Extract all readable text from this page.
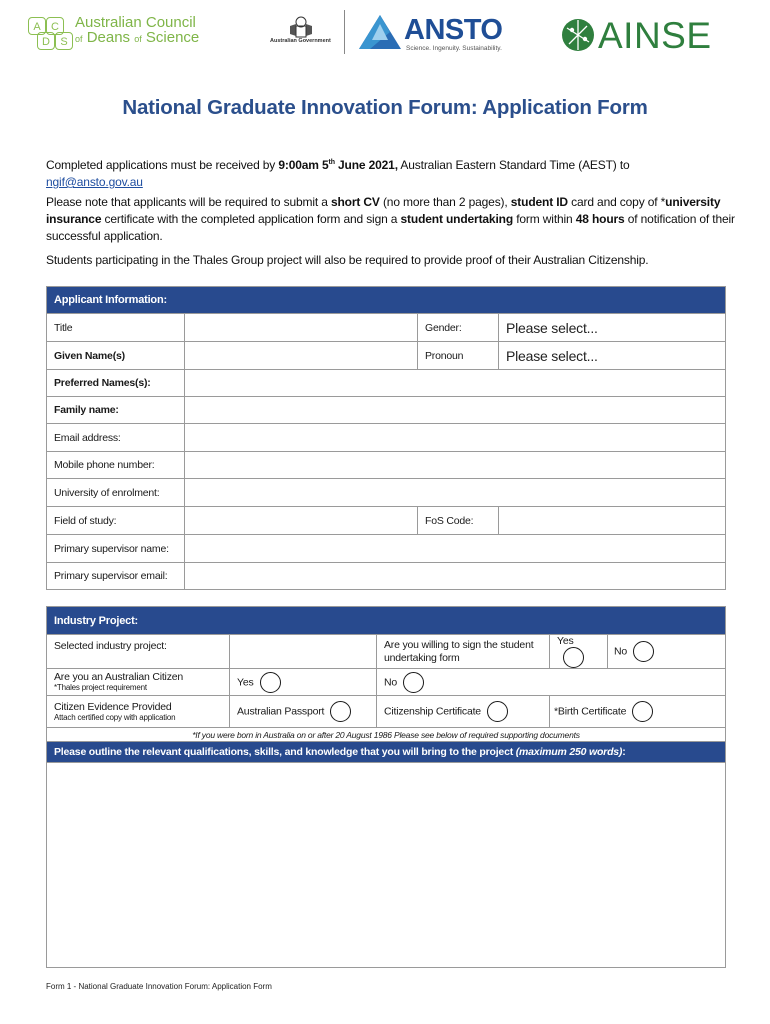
A C
D S
Australian Council
of Deans of Science	Australian Government	ANSTO
Science. Ingenuity. Sustainability.	AINSE
National Graduate Innovation Forum: Application Form
Completed applications must be received by 9:00am 5th June 2021, Australian Eastern Standard Time (AEST) to
ngif@ansto.gov.au
Please note that applicants will be required to submit a short CV (no more than 2 pages), student ID card and copy of *university insurance certificate with the completed application form and sign a student undertaking form within 48 hours of notification of their successful application.
Students participating in the Thales Group project will also be required to provide proof of their Australian Citizenship.
Applicant Information:			
Title		Gender:	Please select...
Given Name(s)		Pronoun	Please select...
Preferred Names(s):			
Family name:			
Email address:			
Mobile phone number:			
University of enrolment:			
Field of study:		FoS Code:	
Primary supervisor name:			
Primary supervisor email:			
Industry Project:				
Selected industry project:		Are you willing to sign the student undertaking form	Yes	No
Are you an Australian Citizen
*Thales project requirement	Yes	No		
Citizen Evidence Provided
Attach certified copy with application	Australian Passport	Citizenship Certificate	*Birth Certificate	
*If you were born in Australia on or after 20 August 1986 Please see below of required supporting documents				
Please outline the relevant qualifications, skills, and knowledge that you will bring to the project (maximum 250 words):				

Form 1 - National Graduate Innovation Forum: Application Form
